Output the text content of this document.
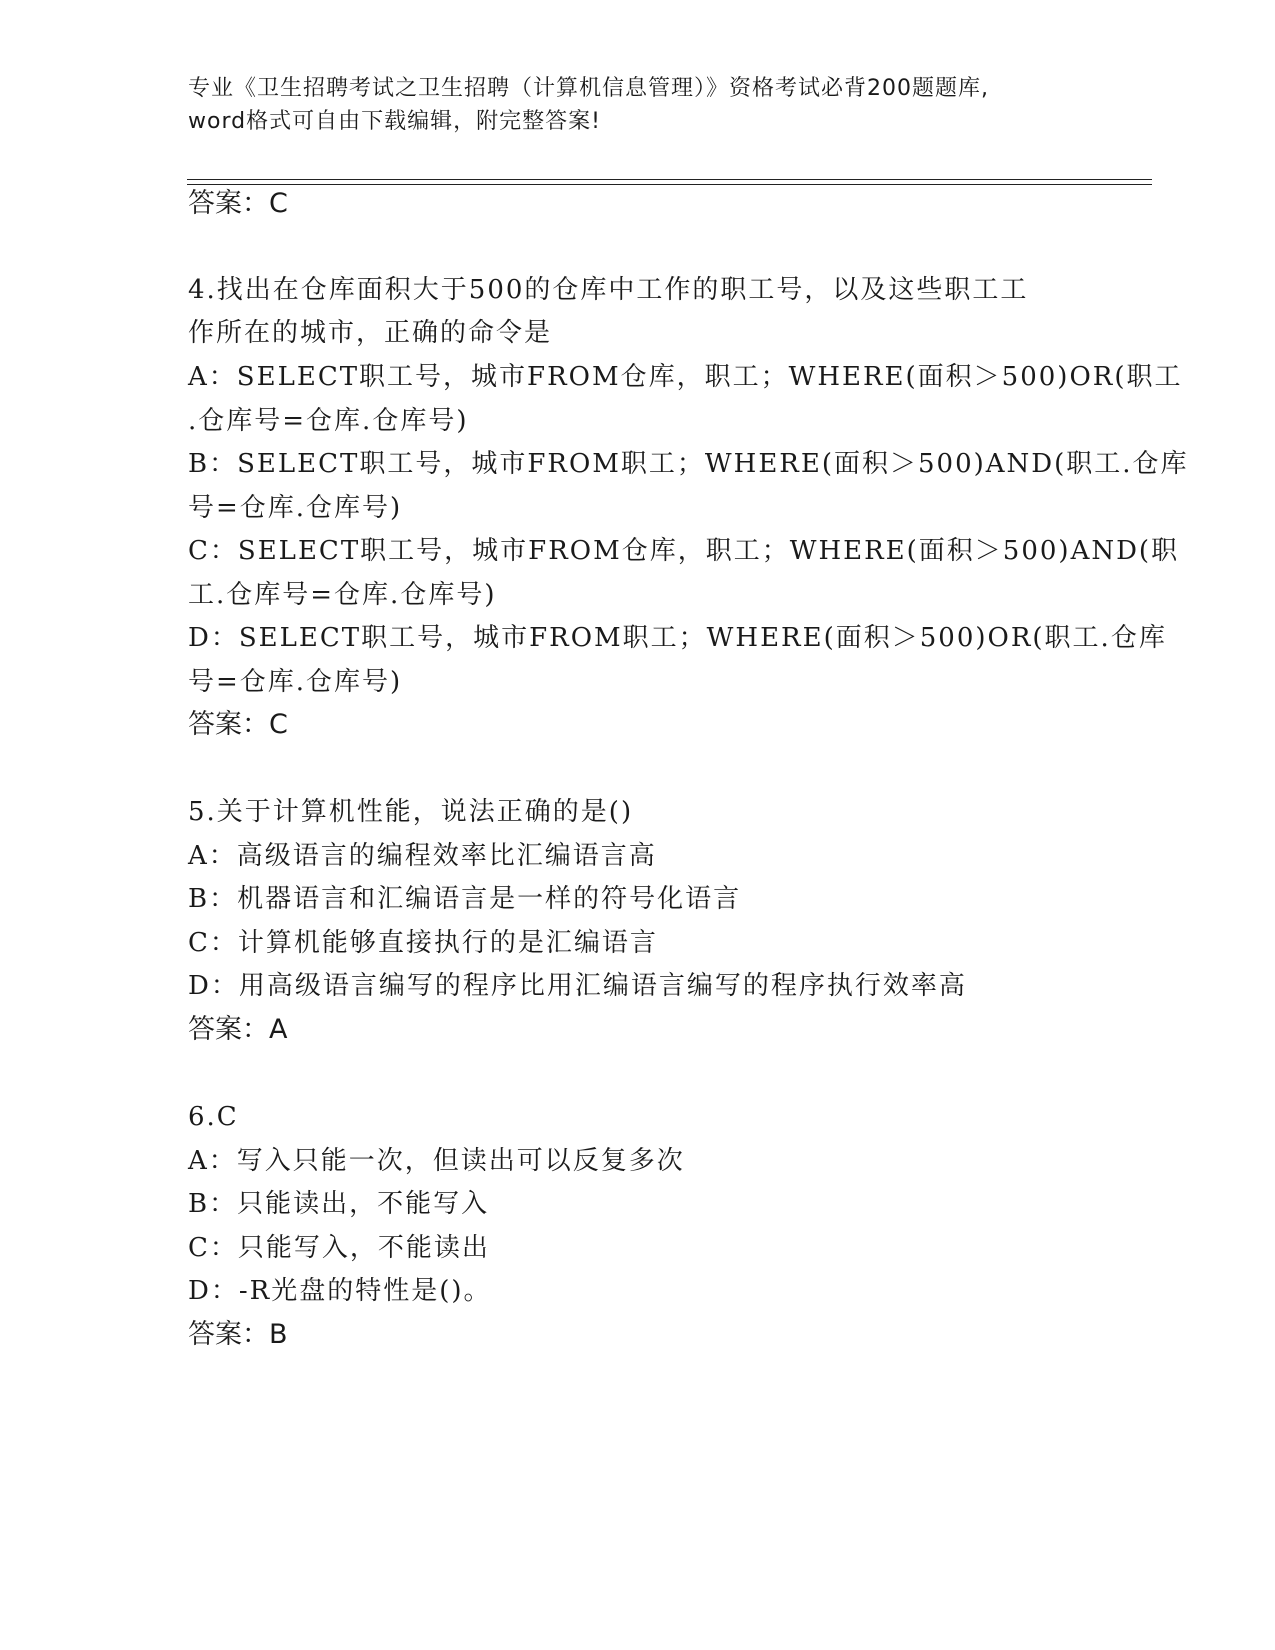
专业《卫生招聘考试之卫生招聘（计算机信息管理）》资格考试必背200题题库,
word格式可自由下载编辑，附完整答案!
答案：C
4.找出在仓库面积大于500的仓库中工作的职工号，以及这些职工工
作所在的城市，正确的命令是
A：SELECT职工号，城市FROM仓库，职工；WHERE(面积＞500)OR(职工
.仓库号=仓库.仓库号)
B：SELECT职工号，城市FROM职工；WHERE(面积＞500)AND(职工.仓库
号=仓库.仓库号)
C：SELECT职工号，城市FROM仓库，职工；WHERE(面积＞500)AND(职
工.仓库号=仓库.仓库号)
D：SELECT职工号，城市FROM职工；WHERE(面积＞500)OR(职工.仓库
号=仓库.仓库号)
答案：C
5.关于计算机性能，说法正确的是()
A：高级语言的编程效率比汇编语言高
B：机器语言和汇编语言是一样的符号化语言
C：计算机能够直接执行的是汇编语言
D：用高级语言编写的程序比用汇编语言编写的程序执行效率高
答案：A
6.C
A：写入只能一次，但读出可以反复多次
B：只能读出，不能写入
C：只能写入，不能读出
D：-R光盘的特性是()。
答案：B
